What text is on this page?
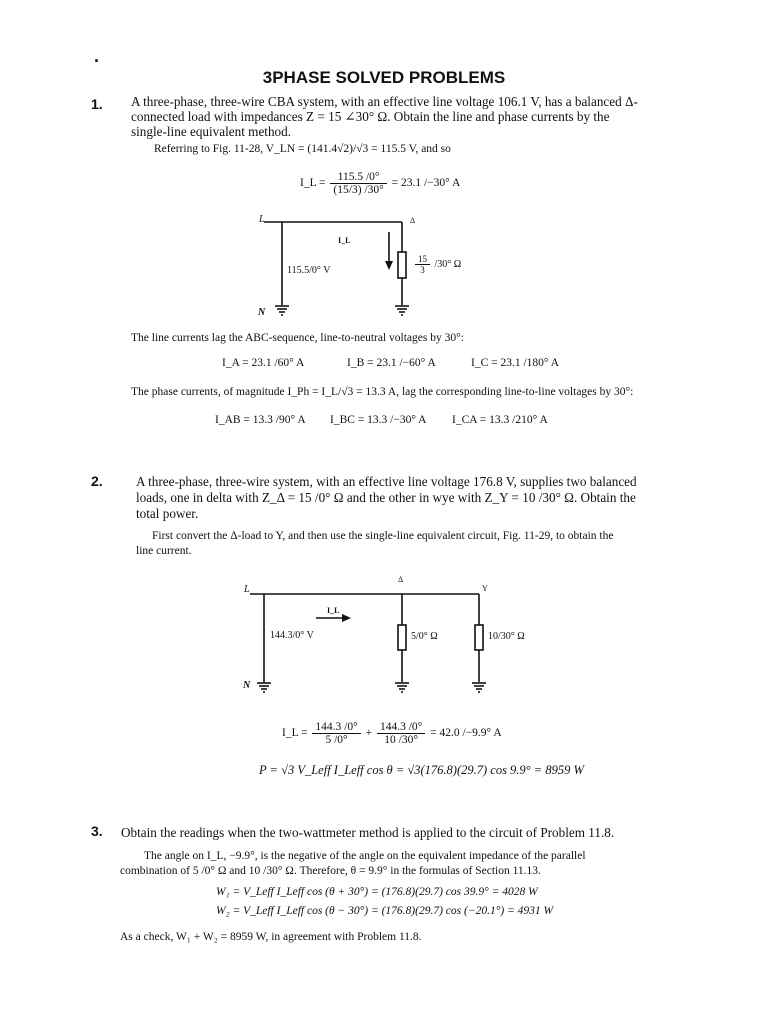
.
3PHASE SOLVED PROBLEMS
1. A three-phase, three-wire CBA system, with an effective line voltage 106.1 V, has a balanced Δ-
connected load with impedances Z = 15 ∠30° Ω. Obtain the line and phase currents by the
single-line equivalent method.
Referring to Fig. 11-28, V_LN = (141.4√2)/√3 = 115.5 V, and so
I_L = $\frac{115.5 /0^\circ}{(15/3) /30^\circ} = 23.1$ /−30° A
L	Δ
N
I_L
115.5/0° V	$\frac{15}{3} /30^\circ$ Ω
The line currents lag the ABC-sequence, line-to-neutral voltages by 30°:
I_A = 23.1 /60° A	I_B = 23.1 /−60° A	I_C = 23.1 /180° A
The phase currents, of magnitude I_Ph = I_L/√3 = 13.3 A, lag the corresponding line-to-line voltages by 30°:
I_AB = 13.3 /90° A I_BC = 13.3 /−30° A I_CA = 13.3 /210° A
2.	A three-phase, three-wire system, with an effective line voltage 176.8 V, supplies two balanced
loads, one in delta with Z_Δ = 15 /0° Ω and the other in wye with Z_Y = 10 /30° Ω. Obtain the
total power.
First convert the Δ-load to Y, and then use the single-line equivalent circuit, Fig. 11-29, to obtain the
line current.
L
Δ
Y
N
I_L
144.3/0° V	5/0° Ω	10/30° Ω
I_L = $\frac{144.3 /0^\circ}{5 /0^\circ} + \frac{144.3 /0^\circ}{10 /30^\circ} = 42.0$ /−9.9° A
P = √3 V_Leff I_Leff cos θ = √3(176.8)(29.7) cos 9.9° = 8959 W
3. Obtain the readings when the two-wattmeter method is applied to the circuit of Problem 11.8.
The angle on I_L, −9.9°, is the negative of the angle on the equivalent impedance of the parallel
combination of 5 /0° Ω and 10 /30° Ω. Therefore, θ = 9.9° in the formulas of Section 11.13.
W₁ = V_Leff I_Leff cos (θ + 30°) = (176.8)(29.7) cos 39.9° = 4028 W
W₂ = V_Leff I_Leff cos (θ − 30°) = (176.8)(29.7) cos (−20.1°) = 4931 W
As a check, W₁ + W₂ = 8959 W, in agreement with Problem 11.8.
